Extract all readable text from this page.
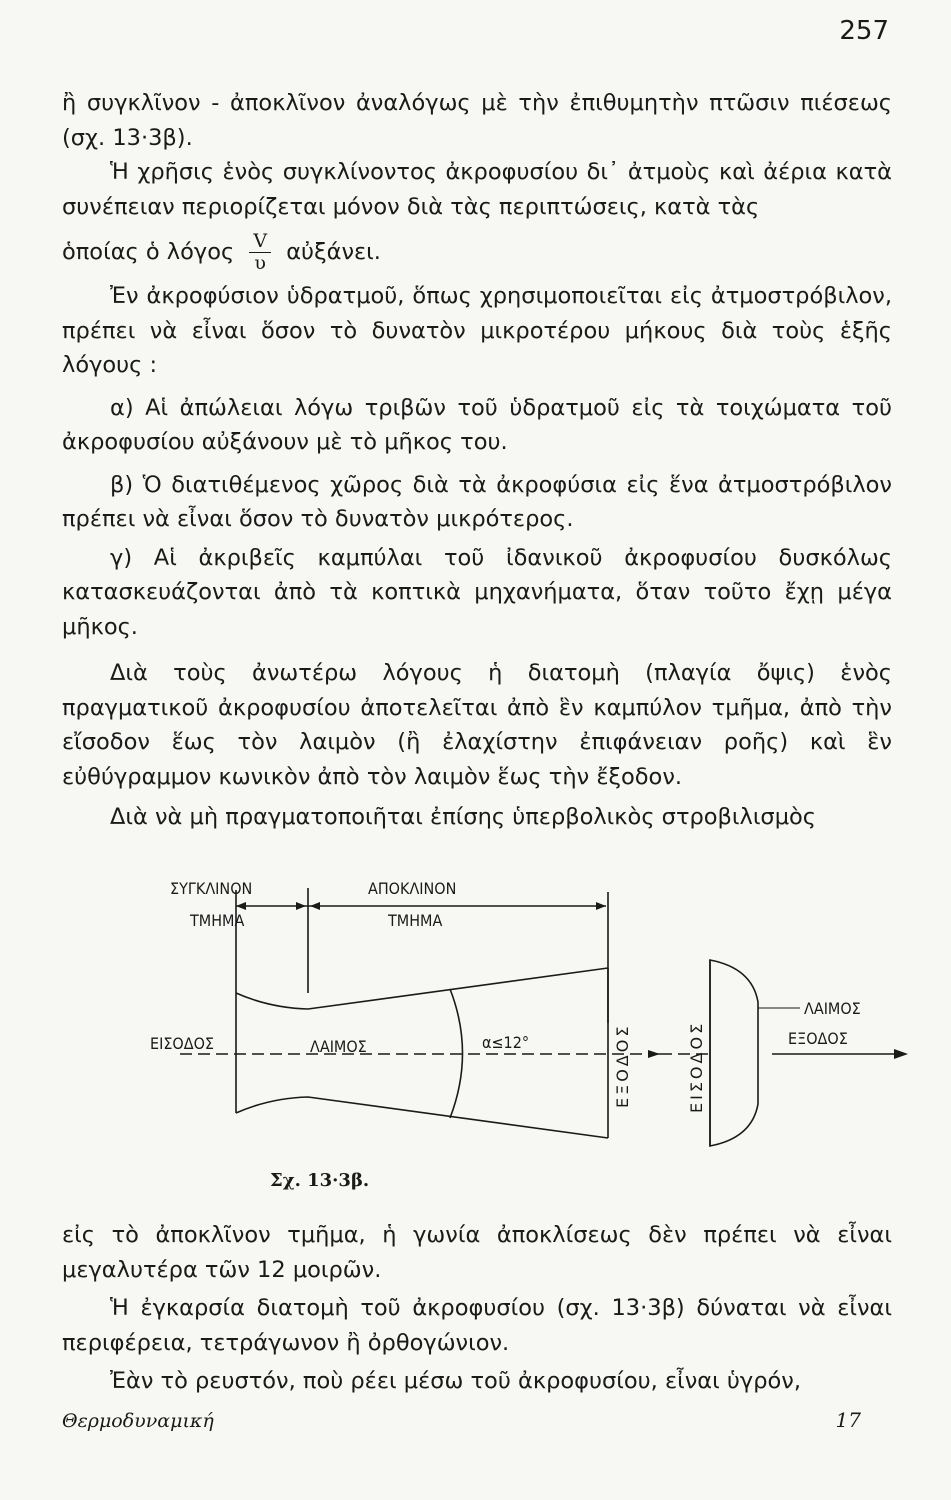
257

ἢ συγκλῖνον - ἀποκλῖνον ἀναλόγως μὲ τὴν ἐπιθυμητὴν πτῶσιν πιέσεως (σχ. 13·3β).

Ἡ χρῆσις ἑνὸς συγκλίνοντος ἀκροφυσίου δι᾽ ἀτμοὺς καὶ ἀέρια κατὰ συνέπειαν περιορίζεται μόνον διὰ τὰς περιπτώσεις, κατὰ τὰς

ὁποίας ὁ λόγος $\frac{V}{\upsilon}$ αὐξάνει.

Ἐν ἀκροφύσιον ὑδρατμοῦ, ὅπως χρησιμοποιεῖται εἰς ἀτμοστρόβιλον, πρέπει νὰ εἶναι ὅσον τὸ δυνατὸν μικροτέρου μήκους διὰ τοὺς ἑξῆς λόγους :

α) Αἱ ἀπώλειαι λόγω τριβῶν τοῦ ὑδρατμοῦ εἰς τὰ τοιχώματα τοῦ ἀκροφυσίου αὐξάνουν μὲ τὸ μῆκος του.

β) Ὁ διατιθέμενος χῶρος διὰ τὰ ἀκροφύσια εἰς ἕνα ἀτμοστρόβιλον πρέπει νὰ εἶναι ὅσον τὸ δυνατὸν μικρότερος.

γ) Αἱ ἀκριβεῖς καμπύλαι τοῦ ἰδανικοῦ ἀκροφυσίου δυσκόλως κατασκευάζονται ἀπὸ τὰ κοπτικὰ μηχανήματα, ὅταν τοῦτο ἔχῃ μέγα μῆκος.

Διὰ τοὺς ἀνωτέρω λόγους ἡ διατομὴ (πλαγία ὄψις) ἑνὸς πραγματικοῦ ἀκροφυσίου ἀποτελεῖται ἀπὸ ἓν καμπύλον τμῆμα, ἀπὸ τὴν εἴσοδον ἕως τὸν λαιμὸν (ἢ ἐλαχίστην ἐπιφάνειαν ροῆς) καὶ ἓν εὐθύγραμμον κωνικὸν ἀπὸ τὸν λαιμὸν ἕως τὴν ἔξοδον.

Διὰ νὰ μὴ πραγματοποιῆται ἐπίσης ὑπερβολικὸς στροβιλισμὸς

ΣΥΓΚΛΙΝΟΝ
ΤΜΗΜΑ
ΑΠΟΚΛΙΝΟΝ
ΤΜΗΜΑ
ΕΙΣΟΔΟΣ	ΛΑΙΜΟΣ	α≤12°	ΕΞΟΔΟΣ	ΕΙΣΟΔΟΣ
ΛΑΙΜΟΣ
ΕΞΟΔΟΣ
Σχ. 13·3β.

εἰς τὸ ἀποκλῖνον τμῆμα, ἡ γωνία ἀποκλίσεως δὲν πρέπει νὰ εἶναι μεγαλυτέρα τῶν 12 μοιρῶν.

Ἡ ἐγκαρσία διατομὴ τοῦ ἀκροφυσίου (σχ. 13·3β) δύναται νὰ εἶναι περιφέρεια, τετράγωνον ἢ ὀρθογώνιον.

Ἐὰν τὸ ρευστόν, ποὺ ρέει μέσω τοῦ ἀκροφυσίου, εἶναι ὑγρόν,

Θερμοδυναμική	17
